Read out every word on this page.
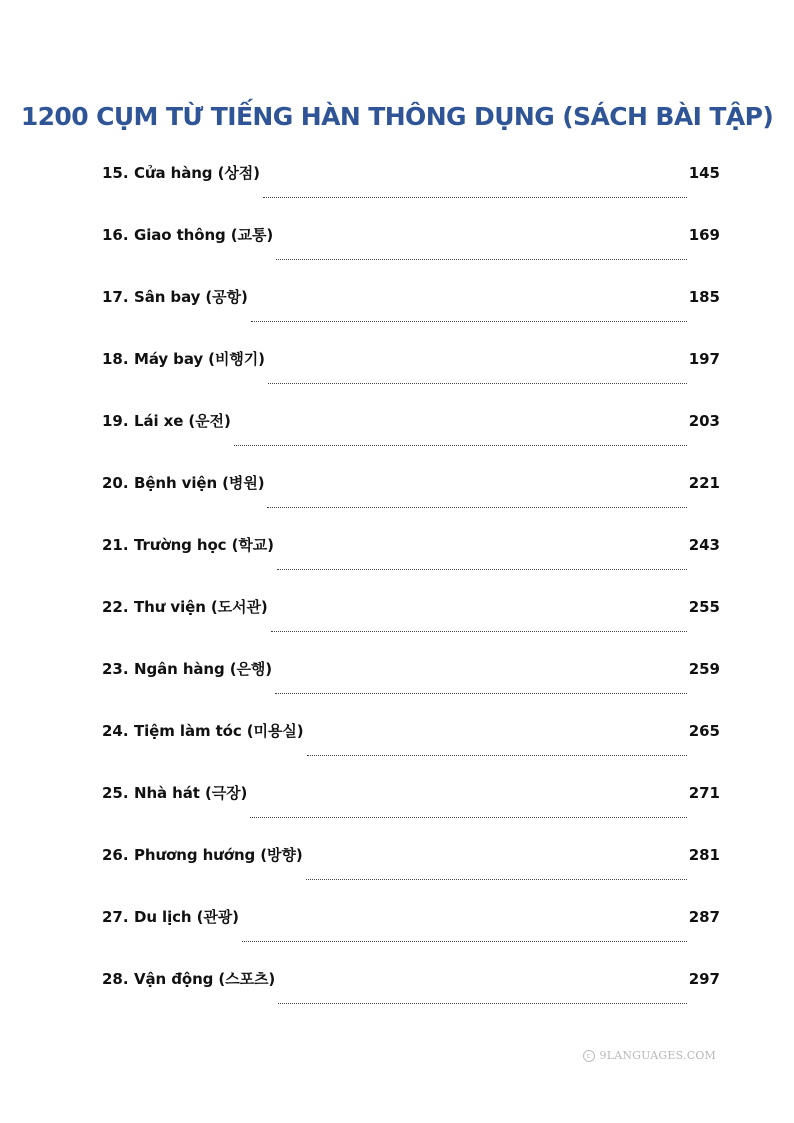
1200 CỤM TỪ TIẾNG HÀN THÔNG DỤNG (SÁCH BÀI TẬP)
15. Cửa hàng (상점)	145
16. Giao thông (교통)	169
17. Sân bay (공항)	185
18. Máy bay (비행기)	197
19. Lái xe (운전)	203
20. Bệnh viện (병원)	221
21. Trường học (학교)	243
22. Thư viện (도서관)	255
23. Ngân hàng (은행)	259
24. Tiệm làm tóc (미용실)	265
25. Nhà hát (극장)	271
26. Phương hướng (방향)	281
27. Du lịch (관광)	287
28. Vận động (스포츠)	297
c 9LANGUAGES.COM
